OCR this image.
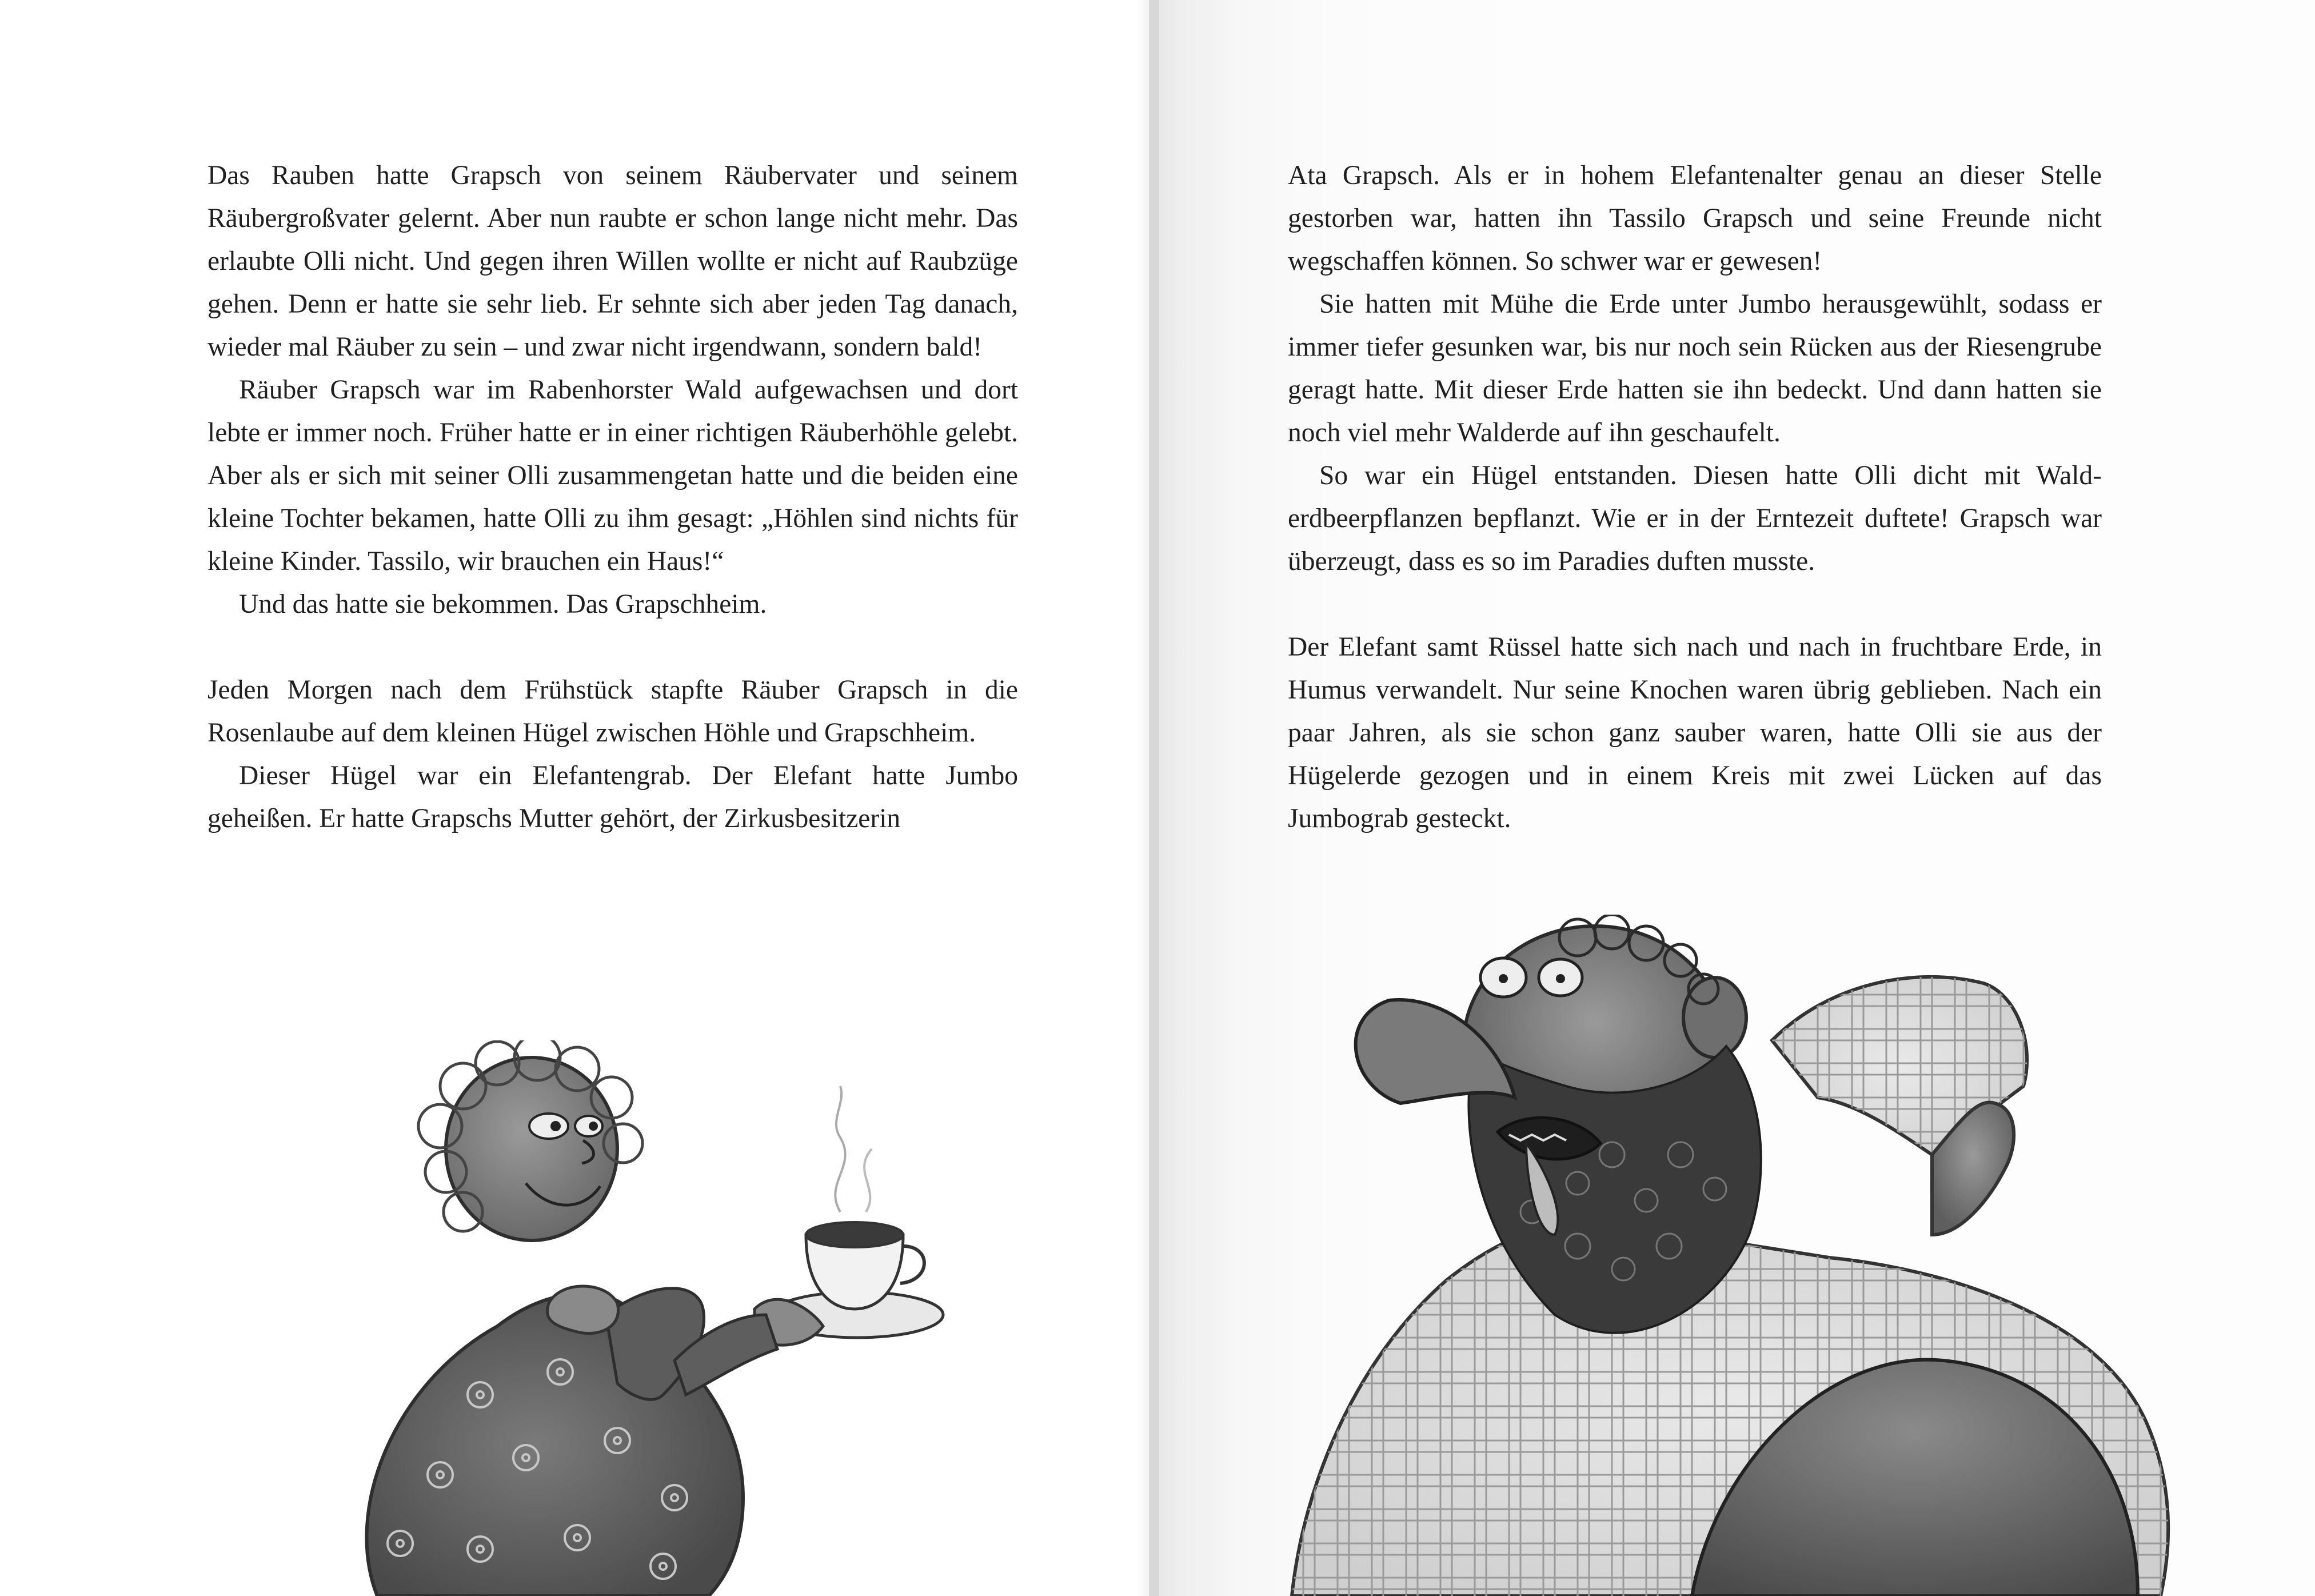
Das Rauben hatte Grapsch von seinem Räubervater und seinem Räubergroßvater gelernt. Aber nun raubte er schon lange nicht mehr. Das erlaubte Olli nicht. Und gegen ihren Willen wollte er nicht auf Raubzüge gehen. Denn er hatte sie sehr lieb. Er sehnte sich aber jeden Tag danach, wieder mal Räuber zu sein – und zwar nicht irgendwann, sondern bald!

Räuber Grapsch war im Rabenhorster Wald aufgewachsen und dort lebte er immer noch. Früher hatte er in einer richtigen Räuberhöhle gelebt. Aber als er sich mit seiner Olli zusammengetan hatte und die beiden eine kleine Tochter bekamen, hatte Olli zu ihm gesagt: „Höhlen sind nichts für kleine Kinder. Tassilo, wir brauchen ein Haus!“

Und das hatte sie bekommen. Das Grapschheim.

Jeden Morgen nach dem Frühstück stapfte Räuber Grapsch in die Rosenlaube auf dem kleinen Hügel zwischen Höhle und Grapschheim.

Dieser Hügel war ein Elefantengrab. Der Elefant hatte Jumbo geheißen. Er hatte Grapschs Mutter gehört, der Zirkusbesitzerin

Ata Grapsch. Als er in hohem Elefantenalter genau an dieser Stelle gestorben war, hatten ihn Tassilo Grapsch und seine Freunde nicht wegschaffen können. So schwer war er gewesen!

Sie hatten mit Mühe die Erde unter Jumbo herausgewühlt, sodass er immer tiefer gesunken war, bis nur noch sein Rücken aus der Riesengrube geragt hatte. Mit dieser Erde hatten sie ihn bedeckt. Und dann hatten sie noch viel mehr Walderde auf ihn geschaufelt.

So war ein Hügel entstanden. Diesen hatte Olli dicht mit Walderdbeerpflanzen bepflanzt. Wie er in der Erntezeit duftete! Grapsch war überzeugt, dass es so im Paradies duften musste.

Der Elefant samt Rüssel hatte sich nach und nach in fruchtbare Erde, in Humus verwandelt. Nur seine Knochen waren übrig geblieben. Nach ein paar Jahren, als sie schon ganz sauber waren, hatte Olli sie aus der Hügelerde gezogen und in einem Kreis mit zwei Lücken auf das Jumbograb gesteckt.
